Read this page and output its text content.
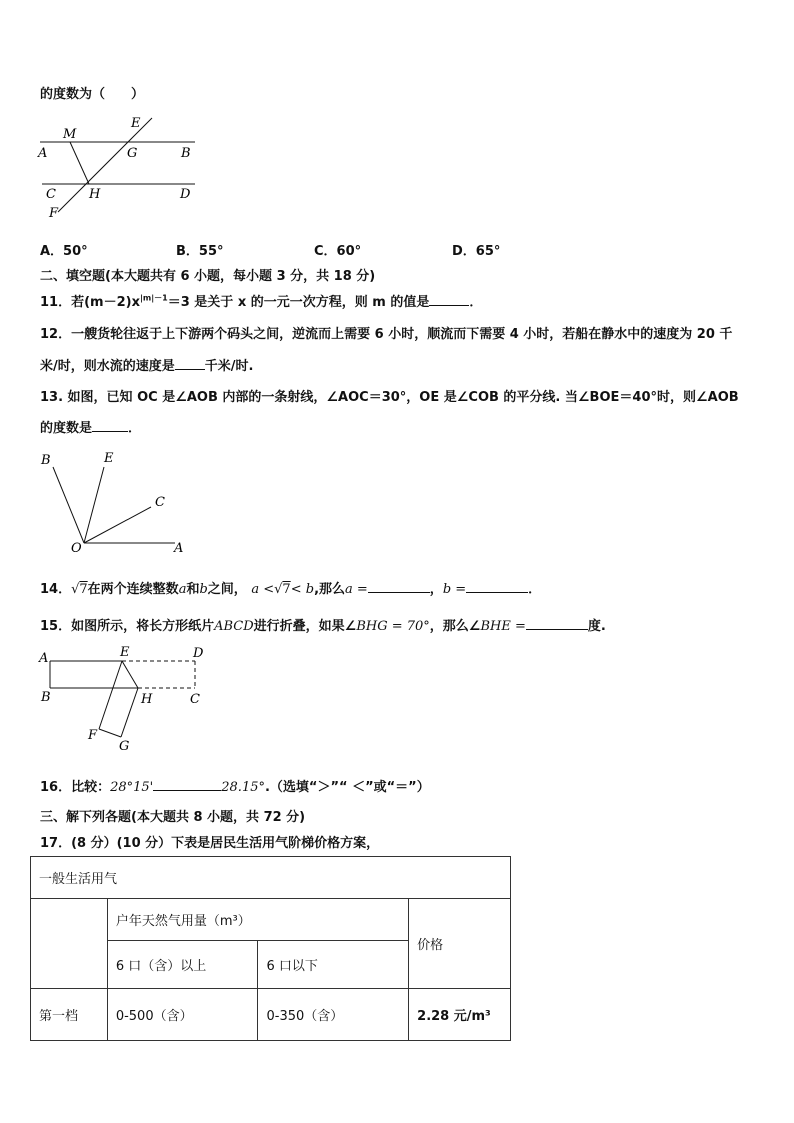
的度数为（　　）
M
E
A	G	B
C	H	D
F
A．50°	B．55°	C．60°	D．65°
二、填空题(本大题共有 6 小题，每小题 3 分，共 18 分)
11．若$(m-2)x^{|m|-1}=3$ 是关于 x 的一元一次方程，则 m 的值是	．
12．一艘货轮往返于上下游两个码头之间，逆流而上需要 6 小时，顺流而下需要 4 小时，若船在静水中的速度为 20 千
米/时，则水流的速度是 千米/时.
13. 如图，已知 OC 是∠AOB 内部的一条射线，∠AOC＝30°，OE 是∠COB 的平分线. 当∠BOE＝40°时，则∠AOB
的度数是	．
B	E
C
O	A
14．√7在两个连续整数a和b之间， a <√7< b,那么a =	，b =	．
15．如图所示，将长方形纸片ABCD进行折叠，如果∠BHG = 70°，那么∠BHE =	度.
A	E	D
B	H	C
F
G
16．比较：28°15'	28.15°.（选填“＞”“ ＜”或“＝”）
三、解下列各题(本大题共 8 小题，共 72 分)
17．(8 分）(10 分）下表是居民生活用气阶梯价格方案，
一般生活用气			
	户年天然气用量（m³）		价格
	6 口（含）以上	6 口以下	
第一档	0-500（含）	0-350（含）	2.28 元/m³
